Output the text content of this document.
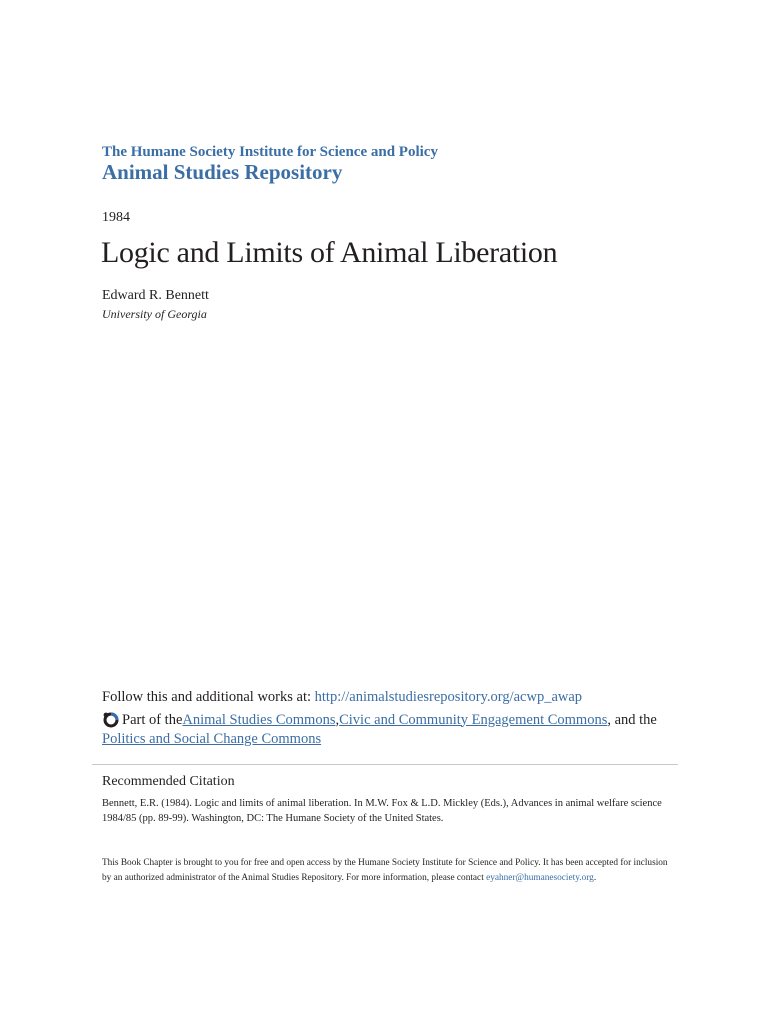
The Humane Society Institute for Science and Policy

Animal Studies Repository

1984

Logic and Limits of Animal Liberation

Edward R. Bennett

University of Georgia

Follow this and additional works at: http://animalstudiesrepository.org/acwp_awap

Part of the Animal Studies Commons , Civic and Community Engagement Commons , and the

Politics and Social Change Commons

Recommended Citation

Bennett, E.R. (1984). Logic and limits of animal liberation. In M.W. Fox & L.D. Mickley (Eds.), Advances in animal welfare science
1984/85 (pp. 89-99). Washington, DC: The Humane Society of the United States.
This Book Chapter is brought to you for free and open access by the Humane Society Institute for Science and Policy. It has been accepted for inclusion
by an authorized administrator of the Animal Studies Repository. For more information, please contact eyahner@humanesociety.org.
